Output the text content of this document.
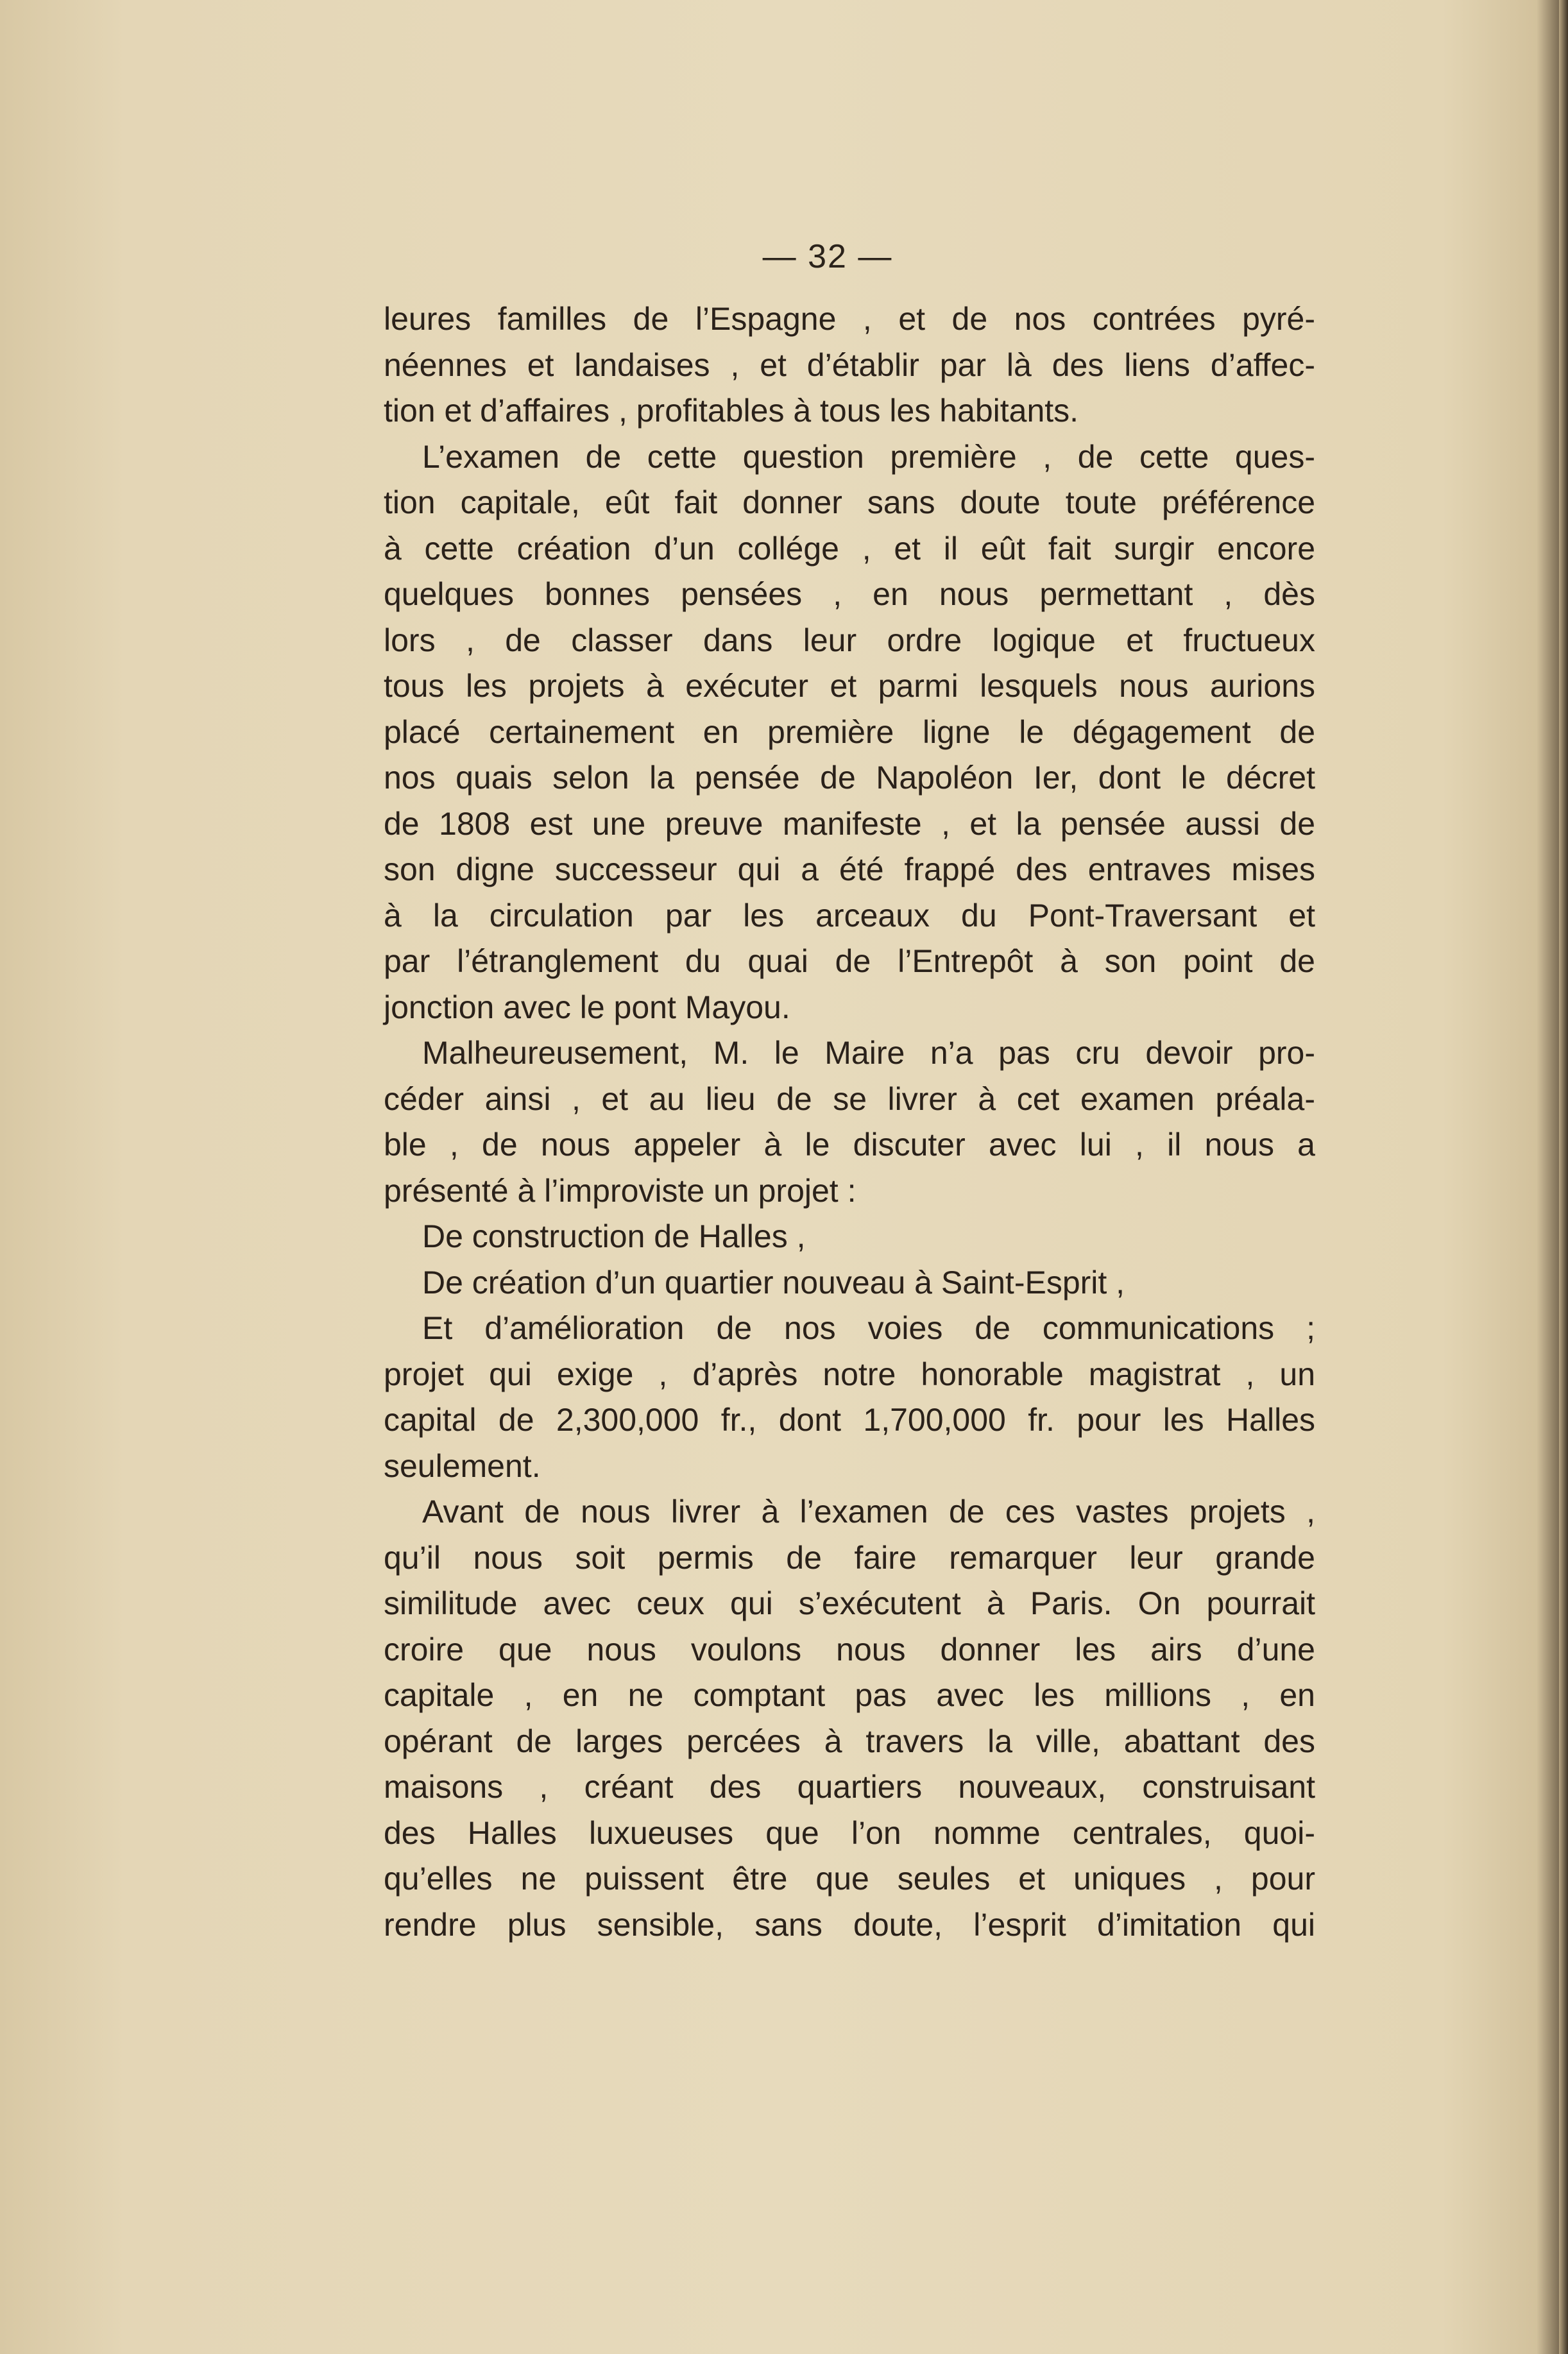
— 32 —
leures familles de l’Espagne , et de nos contrées pyré-
néennes et landaises , et d’établir par là des liens d’affec-
tion et d’affaires , profitables à tous les habitants.
L’examen de cette question première , de cette ques-
tion capitale, eût fait donner sans doute toute préférence
à cette création d’un collége , et il eût fait surgir encore
quelques bonnes pensées , en nous permettant , dès
lors , de classer dans leur ordre logique et fructueux
tous les projets à exécuter et parmi lesquels nous aurions
placé certainement en première ligne le dégagement de
nos quais selon la pensée de Napoléon Ier, dont le décret
de 1808 est une preuve manifeste , et la pensée aussi de
son digne successeur qui a été frappé des entraves mises
à la circulation par les arceaux du Pont-Traversant et
par l’étranglement du quai de l’Entrepôt à son point de
jonction avec le pont Mayou.
Malheureusement, M. le Maire n’a pas cru devoir pro-
céder ainsi , et au lieu de se livrer à cet examen préala-
ble , de nous appeler à le discuter avec lui , il nous a
présenté à l’improviste un projet :
De construction de Halles ,
De création d’un quartier nouveau à Saint-Esprit ,
Et d’amélioration de nos voies de communications ;
projet qui exige , d’après notre honorable magistrat , un
capital de 2,300,000 fr., dont 1,700,000 fr. pour les Halles
seulement.
Avant de nous livrer à l’examen de ces vastes projets ,
qu’il nous soit permis de faire remarquer leur grande
similitude avec ceux qui s’exécutent à Paris. On pourrait
croire que nous voulons nous donner les airs d’une
capitale , en ne comptant pas avec les millions , en
opérant de larges percées à travers la ville, abattant des
maisons , créant des quartiers nouveaux, construisant
des Halles luxueuses que l’on nomme centrales, quoi-
qu’elles ne puissent être que seules et uniques , pour
rendre plus sensible, sans doute, l’esprit d’imitation qui
